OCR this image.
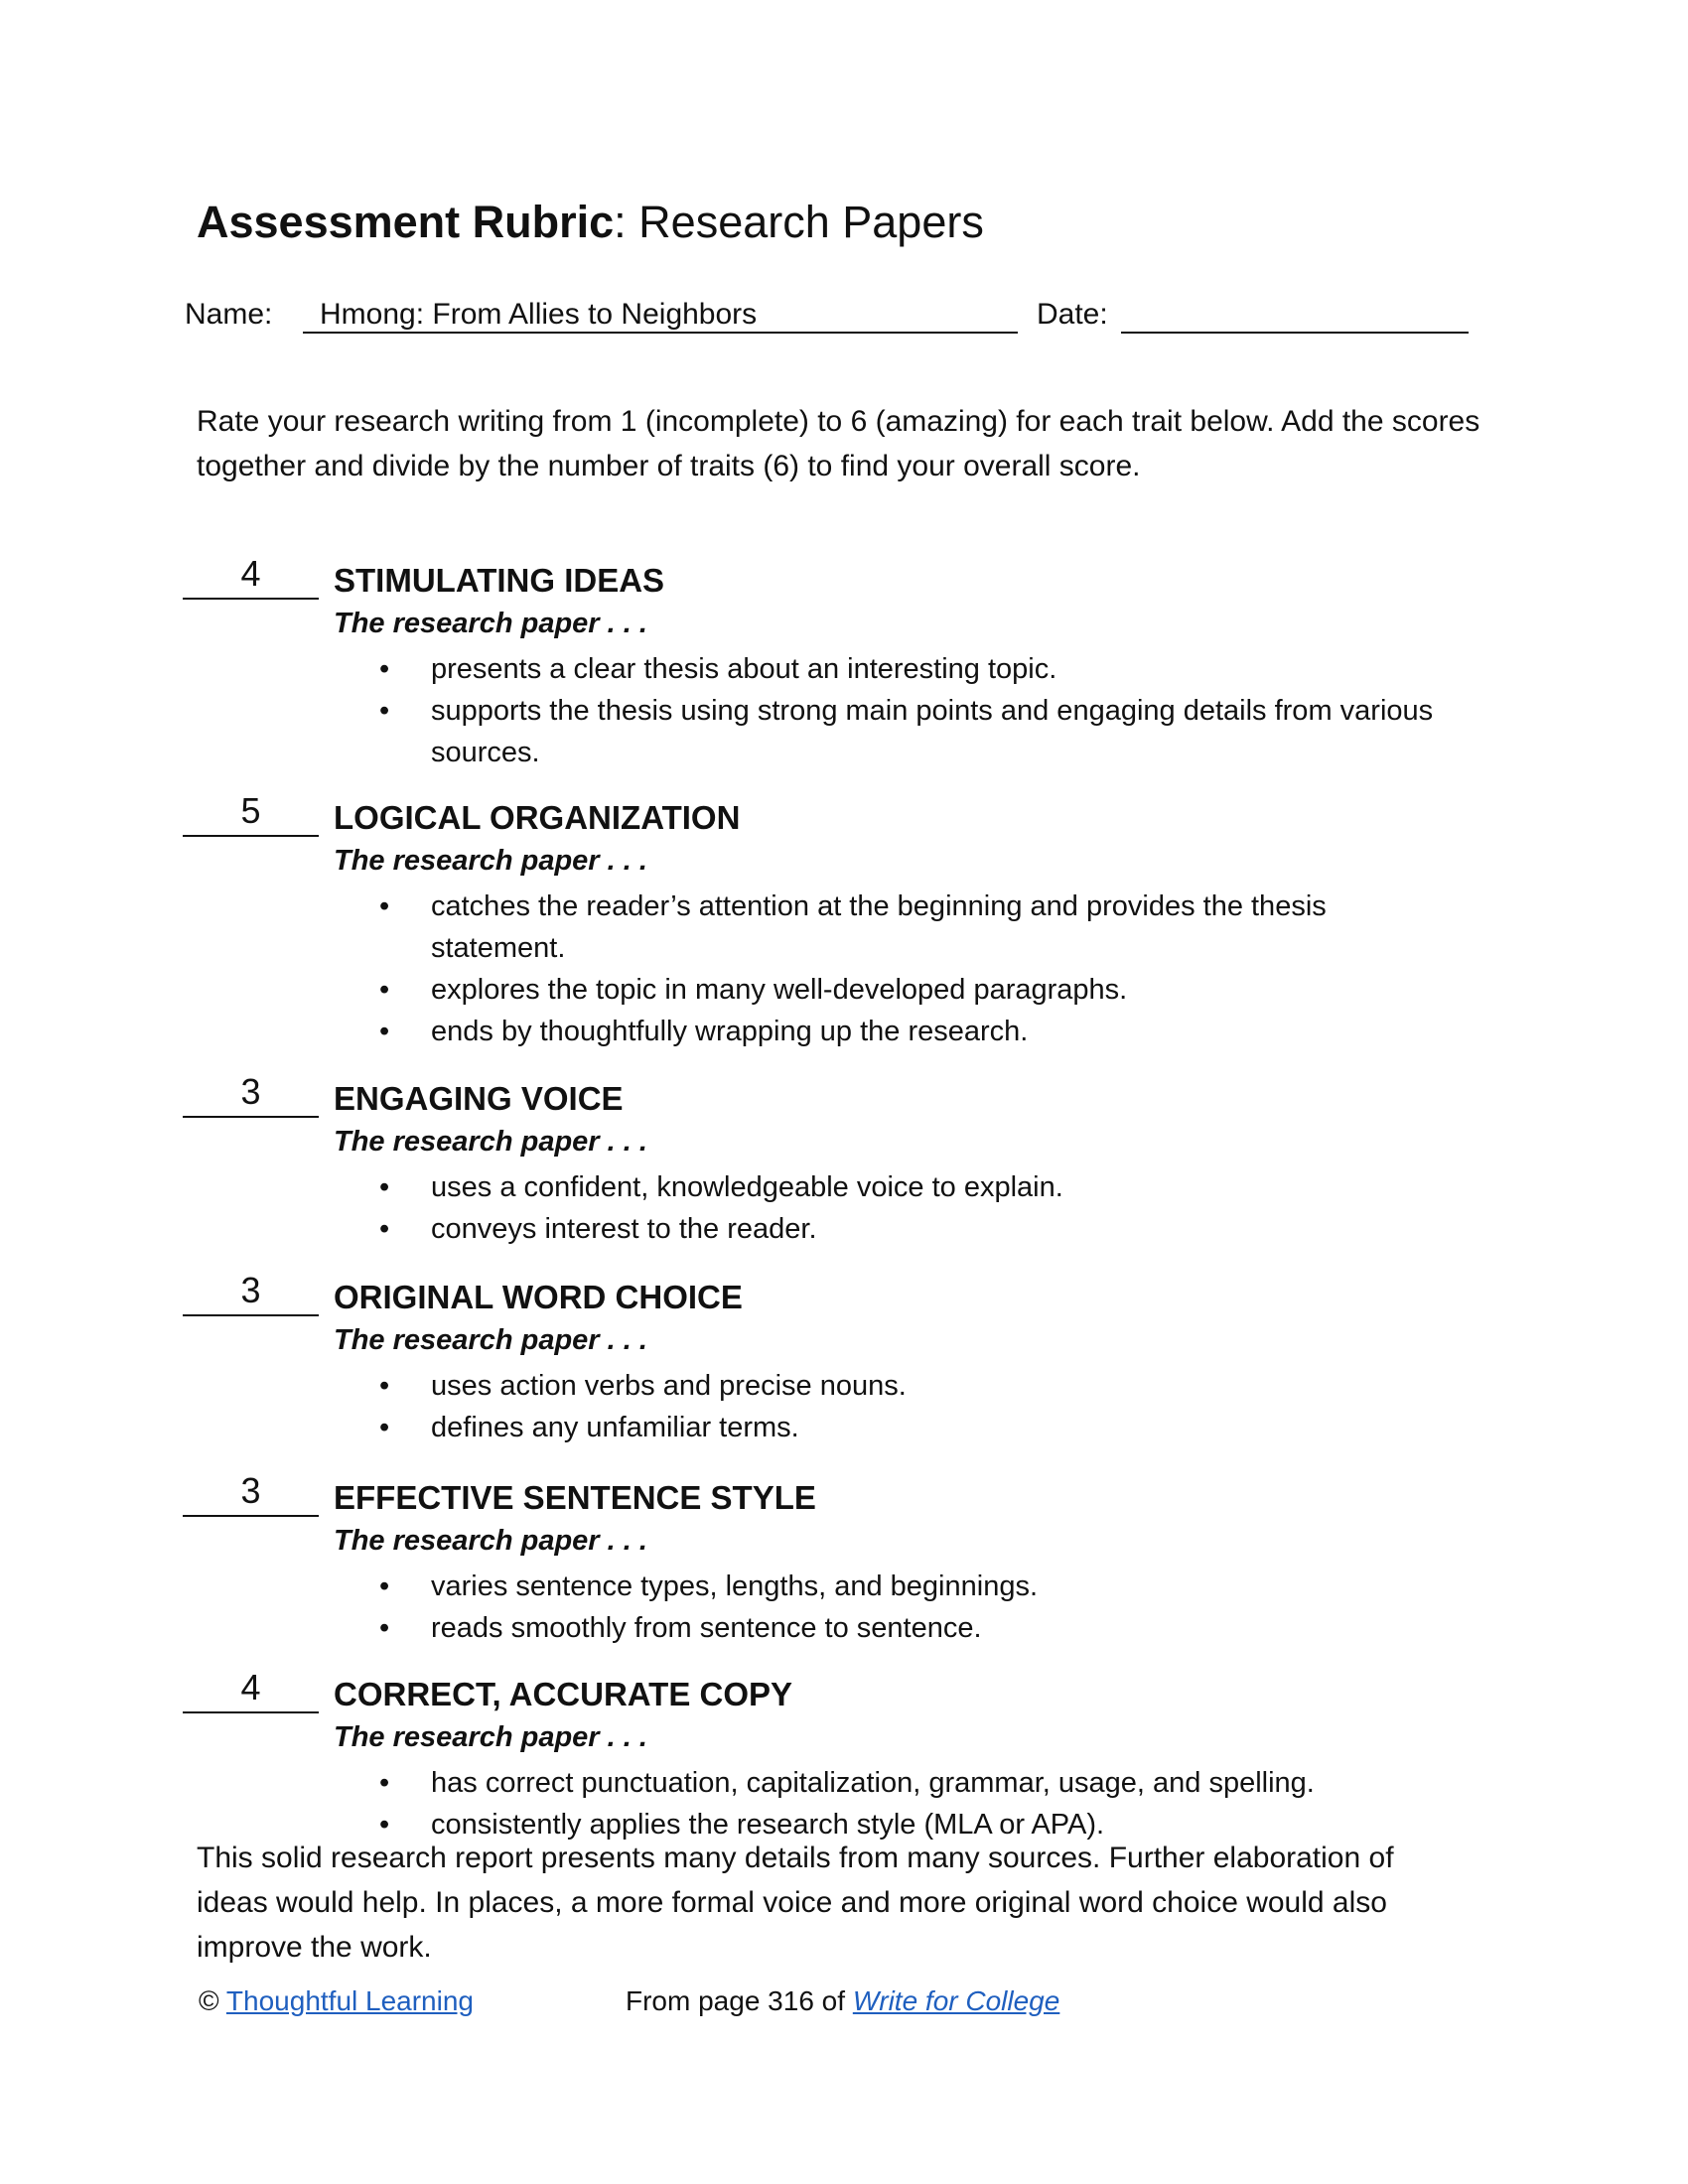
Assessment Rubric: Research Papers
Name: Hmong: From Allies to Neighbors	Date:
Rate your research writing from 1 (incomplete) to 6 (amazing) for each trait below. Add the scores together and divide by the number of traits (6) to find your overall score.
4	STIMULATING IDEAS
The research paper . . .
• presents a clear thesis about an interesting topic.
• supports the thesis using strong main points and engaging details from various sources.
5	LOGICAL ORGANIZATION
The research paper . . .
• catches the reader’s attention at the beginning and provides the thesis statement.
• explores the topic in many well-developed paragraphs.
• ends by thoughtfully wrapping up the research.
3	ENGAGING VOICE
The research paper . . .
• uses a confident, knowledgeable voice to explain.
• conveys interest to the reader.
3	ORIGINAL WORD CHOICE
The research paper . . .
• uses action verbs and precise nouns.
• defines any unfamiliar terms.
3	EFFECTIVE SENTENCE STYLE
The research paper . . .
• varies sentence types, lengths, and beginnings.
• reads smoothly from sentence to sentence.
4	CORRECT, ACCURATE COPY
The research paper . . .
• has correct punctuation, capitalization, grammar, usage, and spelling.
• consistently applies the research style (MLA or APA).
This solid research report presents many details from many sources. Further elaboration of ideas would help. In places, a more formal voice and more original word choice would also improve the work.
© Thoughtful Learning	From page 316 of Write for College
